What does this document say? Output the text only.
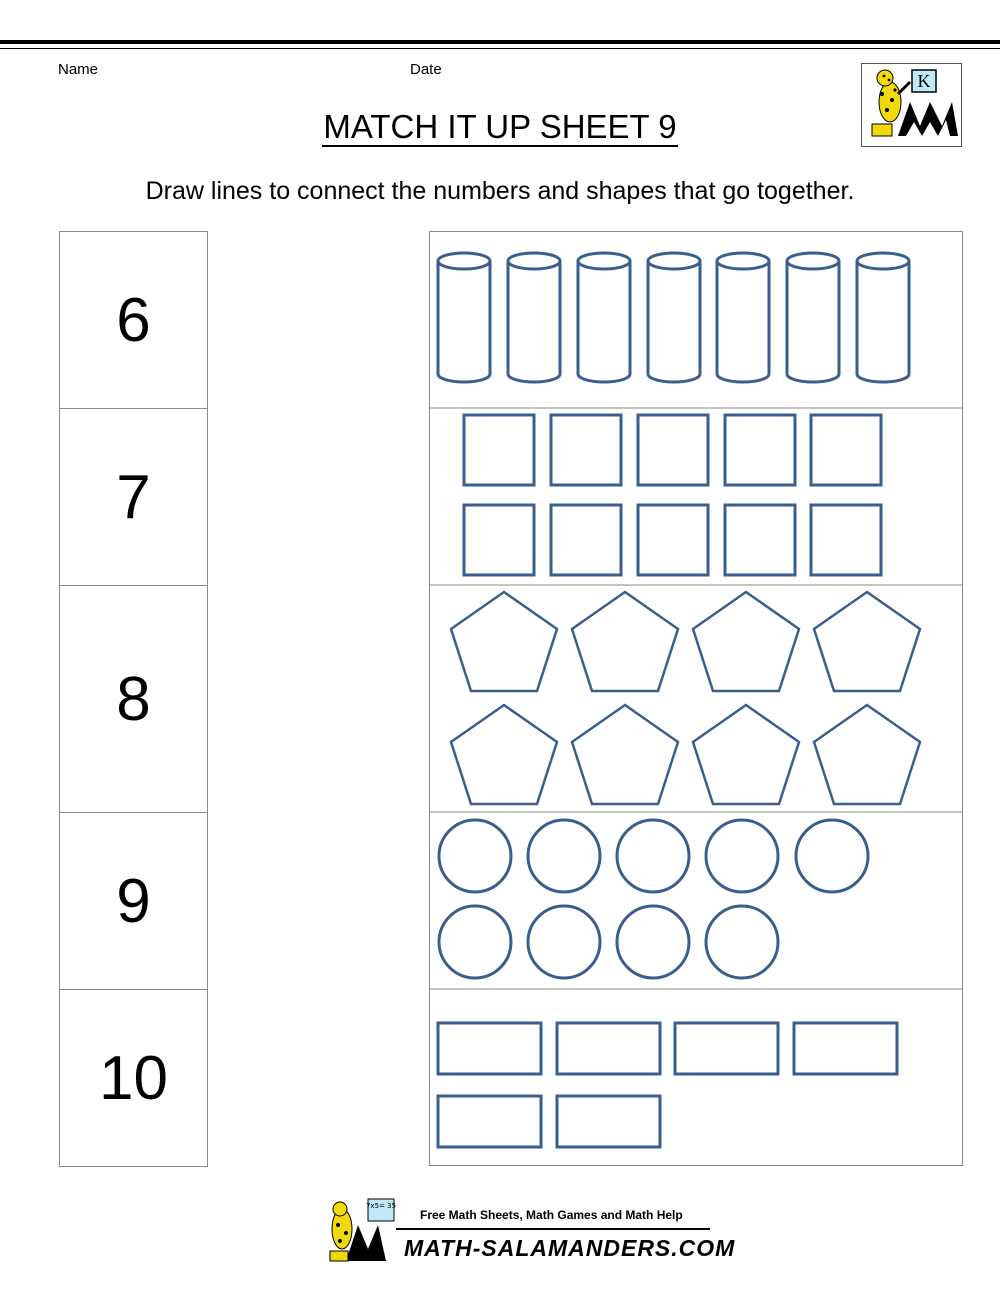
Name	Date
K
MATCH IT UP SHEET 9
Draw lines to connect the numbers and shapes that go together.
6
7
8
9
10
7x5= 35
Free Math Sheets, Math Games and Math Help
MATH-SALAMANDERS.COM
